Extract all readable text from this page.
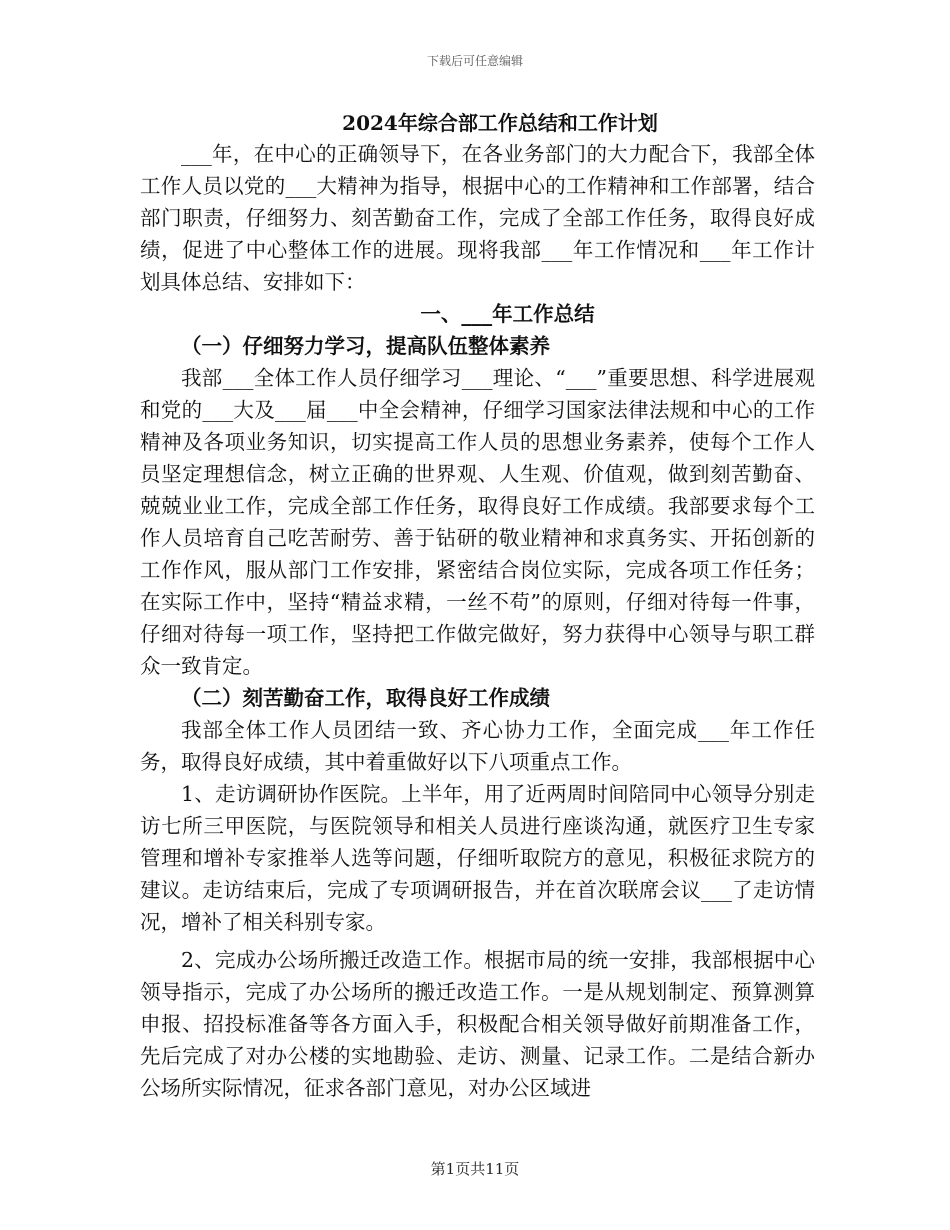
下载后可任意编辑

2024年综合部工作总结和工作计划

___年，在中心的正确领导下，在各业务部门的大力配合下，我部全体工作人员以党的___大精神为指导，根据中心的工作精神和工作部署，结合部门职责，仔细努力、刻苦勤奋工作，完成了全部工作任务，取得良好成绩，促进了中心整体工作的进展。现将我部___年工作情况和___年工作计划具体总结、安排如下：

一、___年工作总结

（一）仔细努力学习，提高队伍整体素养

我部___全体工作人员仔细学习___理论、“___”重要思想、科学进展观和党的___大及___届___中全会精神，仔细学习国家法律法规和中心的工作精神及各项业务知识，切实提高工作人员的思想业务素养，使每个工作人员坚定理想信念，树立正确的世界观、人生观、价值观，做到刻苦勤奋、兢兢业业工作，完成全部工作任务，取得良好工作成绩。我部要求每个工作人员培育自己吃苦耐劳、善于钻研的敬业精神和求真务实、开拓创新的工作作风，服从部门工作安排，紧密结合岗位实际，完成各项工作任务；在实际工作中，坚持“精益求精，一丝不苟”的原则，仔细对待每一件事，仔细对待每一项工作，坚持把工作做完做好，努力获得中心领导与职工群众一致肯定。

（二）刻苦勤奋工作，取得良好工作成绩

我部全体工作人员团结一致、齐心协力工作，全面完成___年工作任务，取得良好成绩，其中着重做好以下八项重点工作。

1、走访调研协作医院。上半年，用了近两周时间陪同中心领导分别走访七所三甲医院，与医院领导和相关人员进行座谈沟通，就医疗卫生专家管理和增补专家推举人选等问题，仔细听取院方的意见，积极征求院方的建议。走访结束后，完成了专项调研报告，并在首次联席会议___了走访情况，增补了相关科别专家。

2、完成办公场所搬迁改造工作。根据市局的统一安排，我部根据中心领导指示，完成了办公场所的搬迁改造工作。一是从规划制定、预算测算申报、招投标准备等各方面入手，积极配合相关领导做好前期准备工作，先后完成了对办公楼的实地勘验、走访、测量、记录工作。二是结合新办公场所实际情况，征求各部门意见，对办公区域进

第1页共11页
